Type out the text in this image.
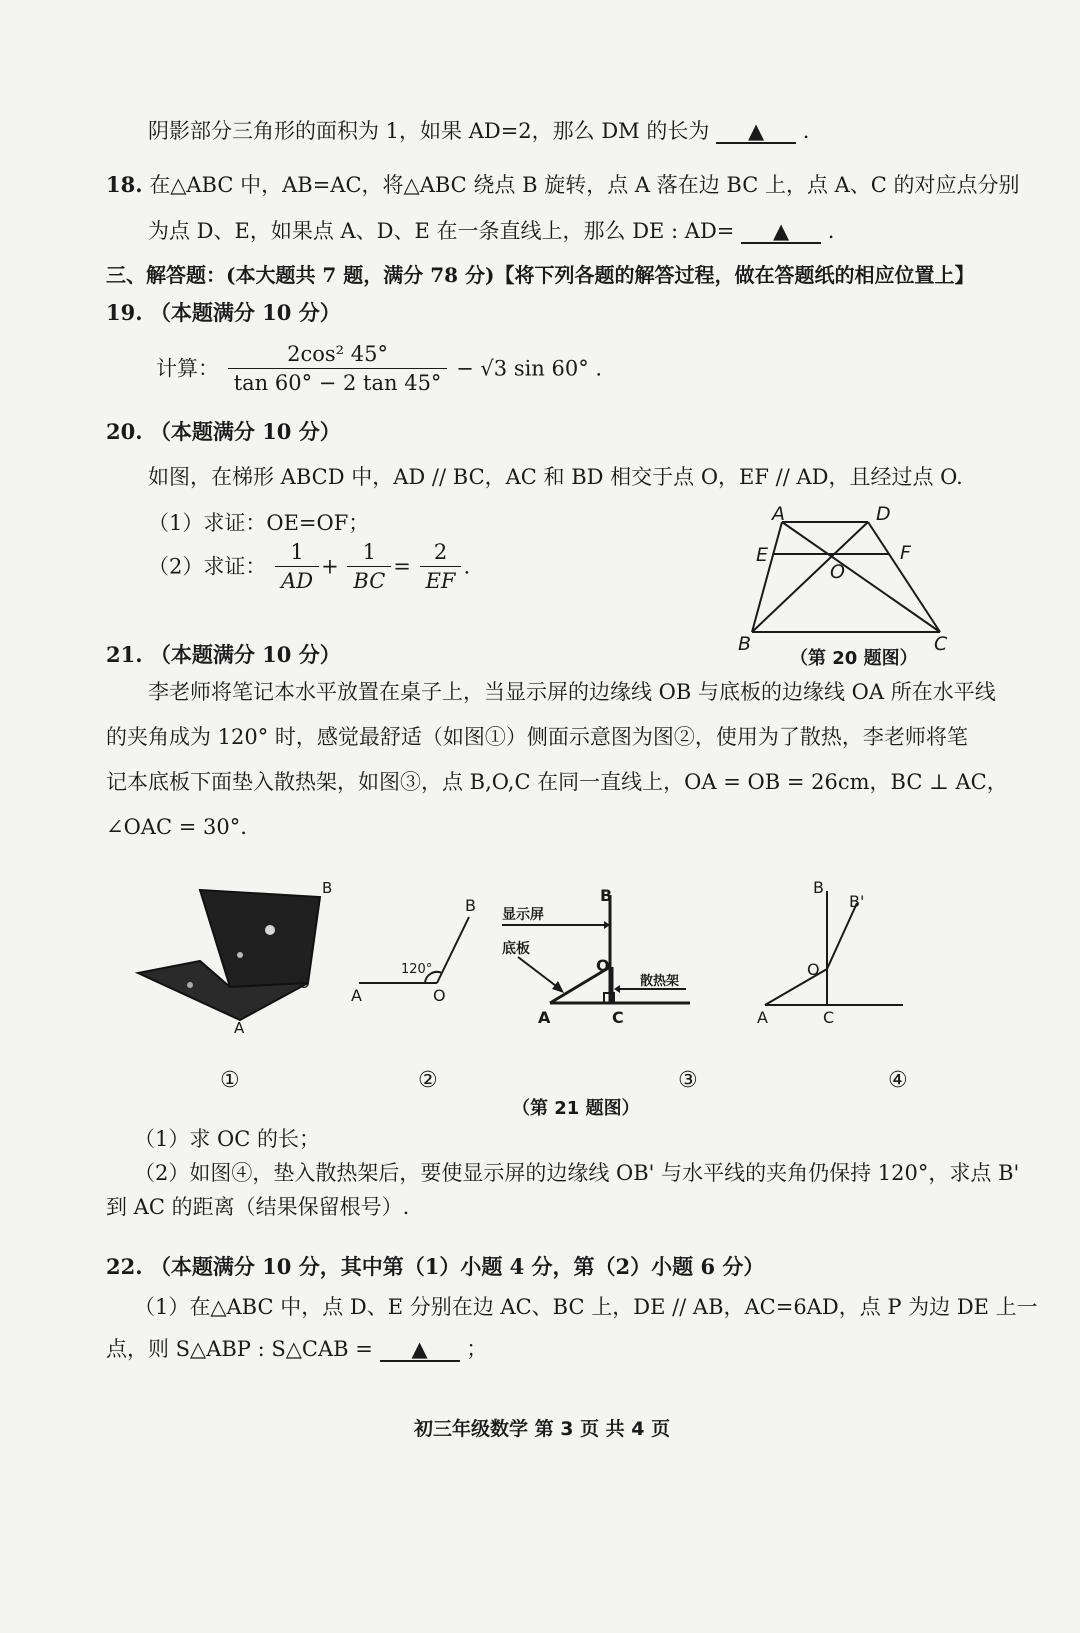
阴影部分三角形的面积为 1，如果 AD=2，那么 DM 的长为 ▲ .
18. 在△ABC 中，AB=AC，将△ABC 绕点 B 旋转，点 A 落在边 BC 上，点 A、C 的对应点分别
为点 D、E，如果点 A、D、E 在一条直线上，那么 DE : AD= ▲ .
三、解答题：(本大题共 7 题，满分 78 分)【将下列各题的解答过程，做在答题纸的相应位置上】
19. （本题满分 10 分）
计算： $\frac{\text{2cos² 45°}}{\tan 60^\circ - 2 \tan 45^\circ} - √3$ sin 60° .
20. （本题满分 10 分）
如图，在梯形 ABCD 中，AD // BC，AC 和 BD 相交于点 O，EF // AD，且经过点 O.
（1）求证：OE=OF；
（2）求证： $\frac{1}{AD} + \frac{1}{BC} = \frac{2}{EF}$ .
A	D
E	F
O
B	C
（第 20 题图）
21. （本题满分 10 分）
李老师将笔记本水平放置在桌子上，当显示屏的边缘线 OB 与底板的边缘线 OA 所在水平线
的夹角成为 120° 时，感觉最舒适（如图①）侧面示意图为图②，使用为了散热，李老师将笔
记本底板下面垫入散热架，如图③，点 B,O,C 在同一直线上，OA = OB = 26cm，BC ⊥ AC，
∠OAC = 30°.
B
O
A
120°
A	O
B
B
显示屏
底板
O
散热架
A	C
B
B'
O
A	C
①	②	③	④
（第 21 题图）
（1）求 OC 的长；
（2）如图④，垫入散热架后，要使显示屏的边缘线 OB' 与水平线的夹角仍保持 120°，求点 B'
到 AC 的距离（结果保留根号）.
22. （本题满分 10 分，其中第（1）小题 4 分，第（2）小题 6 分）
（1）在△ABC 中，点 D、E 分别在边 AC、BC 上，DE // AB，AC=6AD，点 P 为边 DE 上一
点，则 S△ABP : S△CAB = ▲ ；
初三年级数学 第 3 页 共 4 页
